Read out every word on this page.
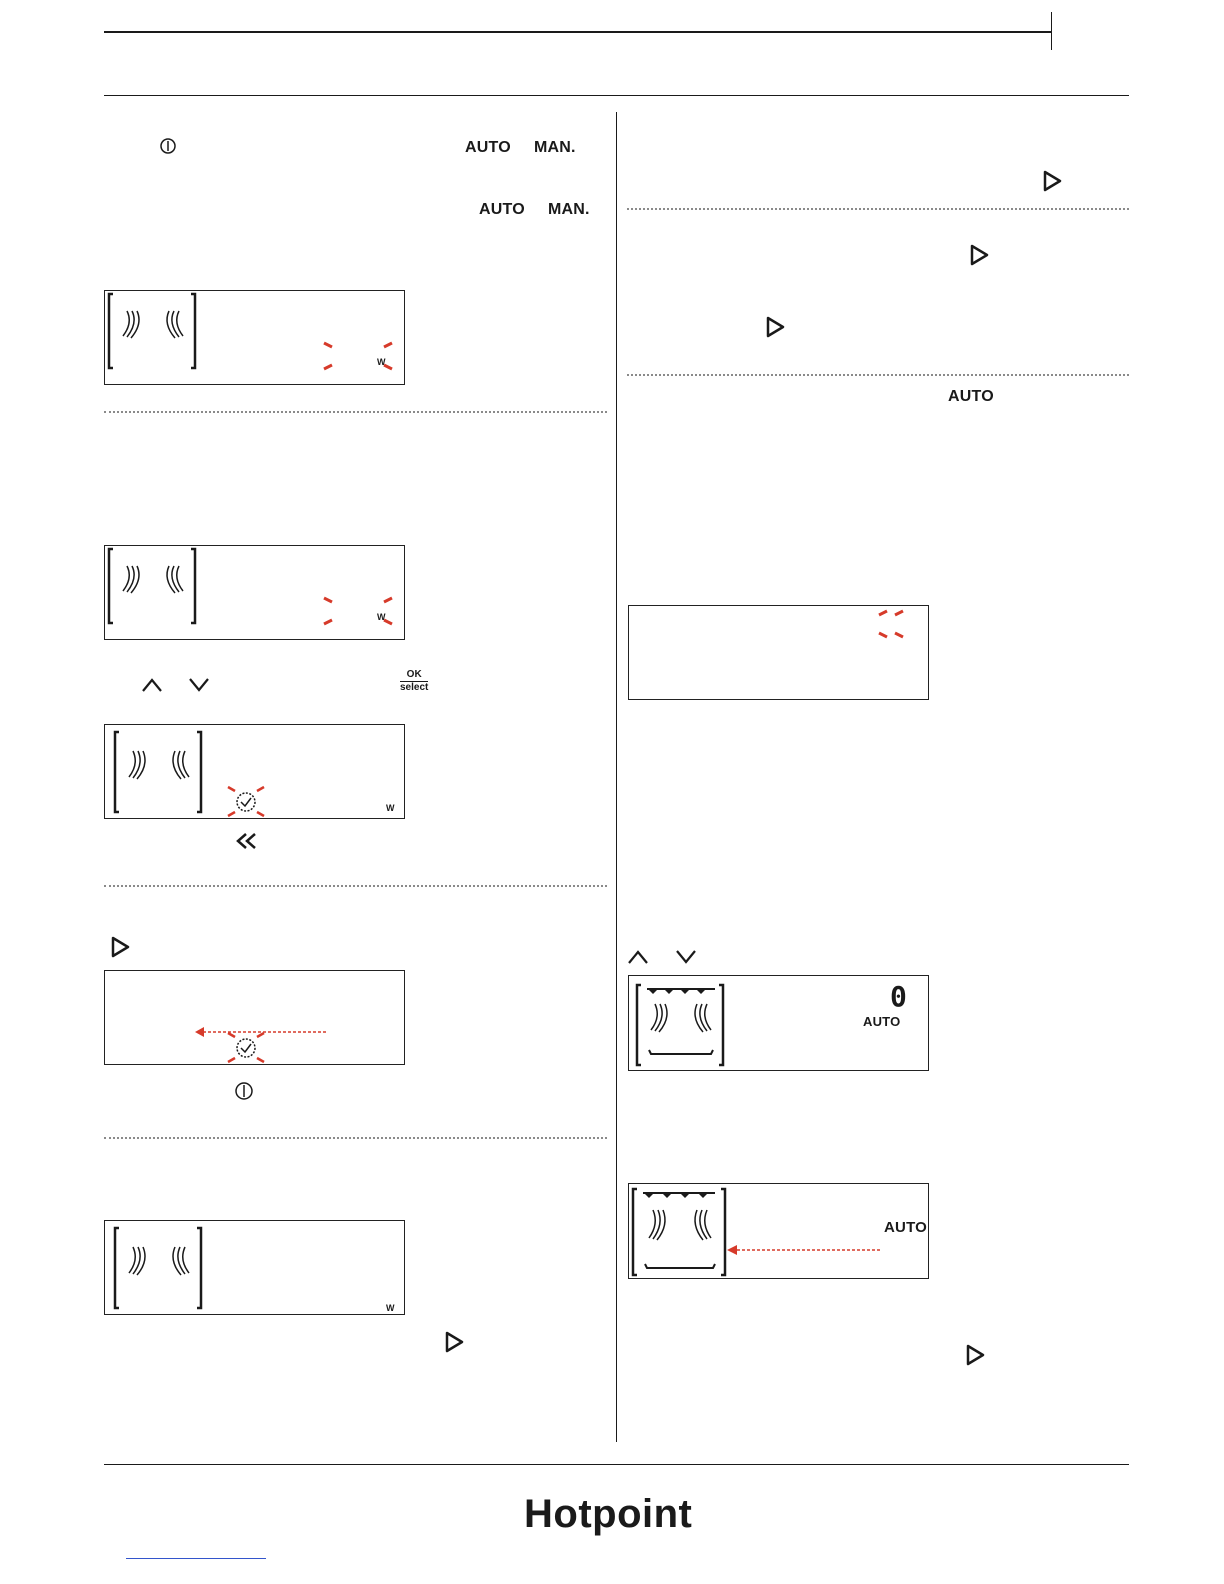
AUTO MAN.
AUTO MAN.
W
W
OK
select
W
W
AUTO
0
AUTO
AUTO
Hotpoint
